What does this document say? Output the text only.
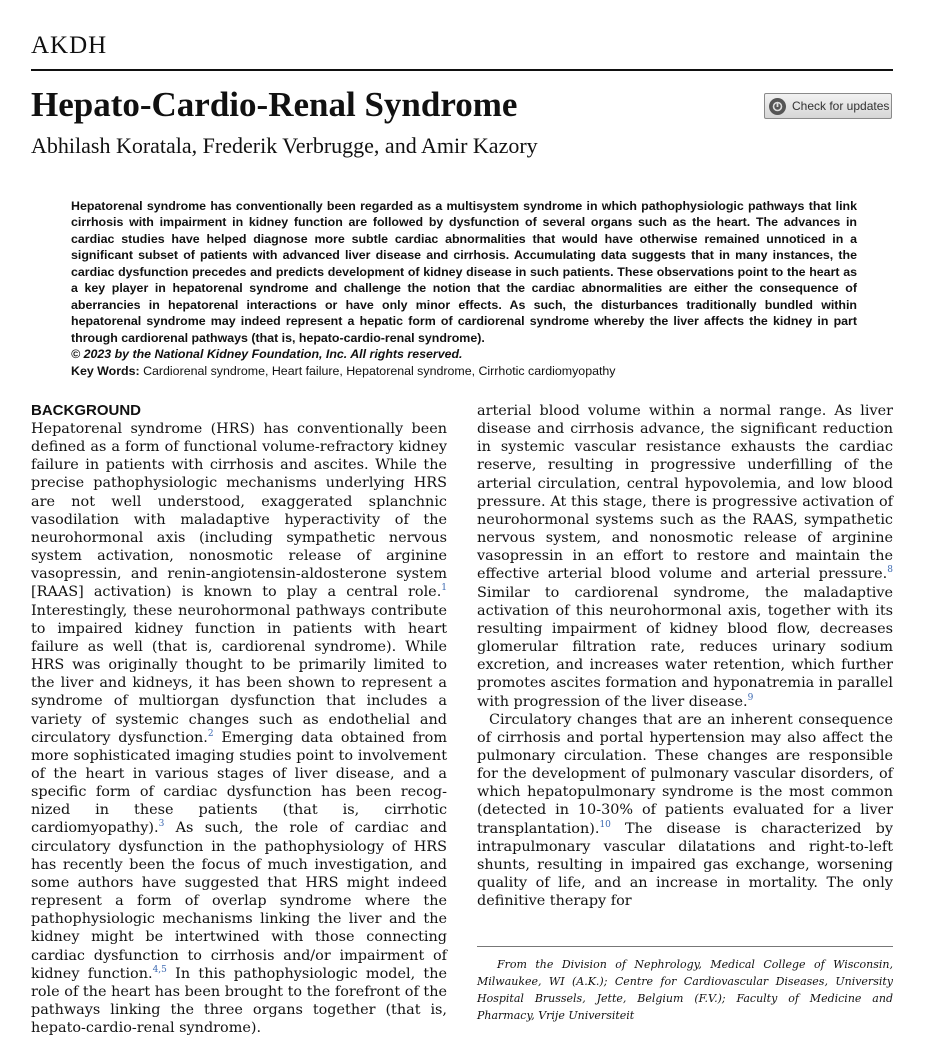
AKDH
Hepato-Cardio-Renal Syndrome	Check for updates
Abhilash Koratala, Frederik Verbrugge, and Amir Kazory

Hepatorenal syndrome has conventionally been regarded as a multisystem syndrome in which pathophysiologic pathways that link cirrhosis with impairment in kidney function are followed by dysfunction of several organs such as the heart. The advances in cardiac studies have helped diagnose more subtle cardiac abnormalities that would have otherwise remained unnoticed in a significant subset of patients with advanced liver disease and cirrhosis. Accumulating data suggests that in many instances, the cardiac dysfunction precedes and predicts development of kidney disease in such patients. These observations point to the heart as a key player in hepatorenal syndrome and challenge the notion that the cardiac abnormalities are either the consequence of aberrancies in hepatorenal interactions or have only minor effects. As such, the disturbances traditionally bundled within hepatorenal syndrome may indeed represent a hepatic form of cardiorenal syndrome whereby the liver affects the kidney in part through cardiorenal pathways (that is, hepato-cardio-renal syndrome).

© 2023 by the National Kidney Foundation, Inc. All rights reserved.
Key Words: Cardiorenal syndrome, Heart failure, Hepatorenal syndrome, Cirrhotic cardiomyopathy
BACKGROUND

Hepatorenal syndrome (HRS) has conventionally been defined as a form of functional volume-refractory kidney failure in patients with cirrhosis and ascites. While the precise pathophysiologic mechanisms underlying HRS are not well understood, exaggerated splanchnic vasodilation with maladaptive hyperactivity of the neurohormonal axis (including sympathetic nervous system activation, nonosmotic release of arginine vasopressin, and renin-angiotensin-aldosterone system [RAAS] activation) is known to play a central role.$^1$ Interestingly, these neurohormonal pathways contribute to impaired kidney function in patients with heart failure as well (that is, cardiorenal syndrome). While HRS was originally thought to be primarily limited to the liver and kidneys, it has been shown to represent a syndrome of multiorgan dysfunction that includes a variety of systemic changes such as endothelial and circulatory dysfunction.$^2$ Emerging data obtained from more sophisticated imaging studies point to involvement of the heart in various stages of liver disease, and a specific form of cardiac dysfunction has been recognized in these patients (that is, cirrhotic cardiomyopathy).$^3$ As such, the role of cardiac and circulatory dysfunction in the pathophysiology of HRS has recently been the focus of much investigation, and some authors have suggested that HRS might indeed represent a form of overlap syndrome where the pathophysiologic mechanisms linking the liver and the kidney might be intertwined with those connecting cardiac dysfunction to cirrhosis and/or impairment of kidney function.$^{4,5}$ In this pathophysiologic model, the role of the heart has been brought to the forefront of the pathways linking the three organs together (that is, hepato-cardio-renal syndrome).

arterial blood volume within a normal range. As liver disease and cirrhosis advance, the significant reduction in systemic vascular resistance exhausts the cardiac reserve, resulting in progressive underfilling of the arterial circulation, central hypovolemia, and low blood pressure. At this stage, there is progressive activation of neurohormonal systems such as the RAAS, sympathetic nervous system, and nonosmotic release of arginine vasopressin in an effort to restore and maintain the effective arterial blood volume and arterial pressure.$^8$ Similar to cardiorenal syndrome, the maladaptive activation of this neurohormonal axis, together with its resulting impairment of kidney blood flow, decreases glomerular filtration rate, reduces urinary sodium excretion, and increases water retention, which further promotes ascites formation and hyponatremia in parallel with progression of the liver disease.$^9$

Circulatory changes that are an inherent consequence of cirrhosis and portal hypertension may also affect the pulmonary circulation. These changes are responsible for the development of pulmonary vascular disorders, of which hepatopulmonary syndrome is the most common (detected in 10-30% of patients evaluated for a liver transplantation).$^{10}$ The disease is characterized by intrapulmonary vascular dilatations and right-to-left shunts, resulting in impaired gas exchange, worsening quality of life, and an increase in mortality. The only definitive therapy for

From the Division of Nephrology, Medical College of Wisconsin, Milwaukee, WI (A.K.); Centre for Cardiovascular Diseases, University Hospital Brussels, Jette, Belgium (F.V.); Faculty of Medicine and Pharmacy, Vrije Universiteit
